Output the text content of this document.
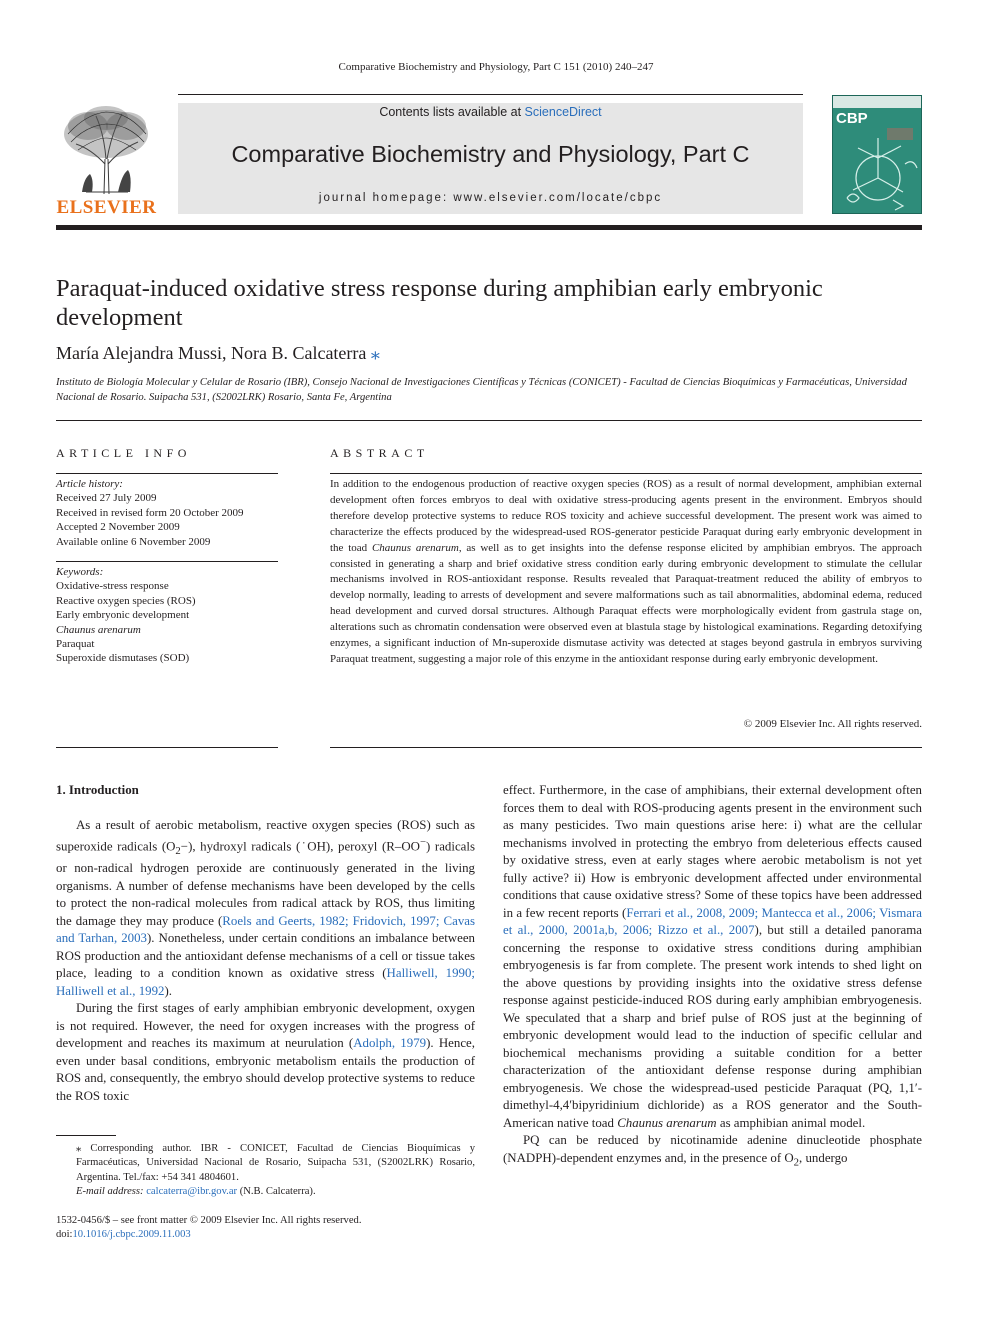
Comparative Biochemistry and Physiology, Part C 151 (2010) 240–247
ELSEVIER
Contents lists available at ScienceDirect
Comparative Biochemistry and Physiology, Part C
journal homepage: www.elsevier.com/locate/cbpc
CBP
Paraquat-induced oxidative stress response during amphibian early embryonic development
María Alejandra Mussi, Nora B. Calcaterra ⁎
Instituto de Biología Molecular y Celular de Rosario (IBR), Consejo Nacional de Investigaciones Científicas y Técnicas (CONICET) - Facultad de Ciencias Bioquímicas y Farmacéuticas, Universidad Nacional de Rosario. Suipacha 531, (S2002LRK) Rosario, Santa Fe, Argentina
ARTICLE INFO	ABSTRACT
Article history:
Received 27 July 2009
Received in revised form 20 October 2009
Accepted 2 November 2009
Available online 6 November 2009
Keywords:
Oxidative-stress response
Reactive oxygen species (ROS)
Early embryonic development
Chaunus arenarum
Paraquat
Superoxide dismutases (SOD)
In addition to the endogenous production of reactive oxygen species (ROS) as a result of normal development, amphibian external development often forces embryos to deal with oxidative stress-producing agents present in the environment. Embryos should therefore develop protective systems to reduce ROS toxicity and achieve successful development. The present work was aimed to characterize the effects produced by the widespread-used ROS-generator pesticide Paraquat during early embryonic development in the toad Chaunus arenarum, as well as to get insights into the defense response elicited by amphibian embryos. The approach consisted in generating a sharp and brief oxidative stress condition early during embryonic development to stimulate the cellular mechanisms involved in ROS-antioxidant response. Results revealed that Paraquat-treatment reduced the ability of embryos to develop normally, leading to arrests of development and severe malformations such as tail abnormalities, abdominal edema, reduced head development and curved dorsal structures. Although Paraquat effects were morphologically evident from gastrula stage on, alterations such as chromatin condensation were observed even at blastula stage by histological examinations. Regarding detoxifying enzymes, a significant induction of Mn-superoxide dismutase activity was detected at stages beyond gastrula in embryos surviving Paraquat treatment, suggesting a major role of this enzyme in the antioxidant response during early embryonic development.
© 2009 Elsevier Inc. All rights reserved.
1. Introduction

As a result of aerobic metabolism, reactive oxygen species (ROS) such as superoxide radicals $(O_2-)$, hydroxyl radicals (˙OH), peroxyl (R–OO−) radicals or non-radical hydrogen peroxide are continuously generated in the living organisms. A number of defense mechanisms have been developed by the cells to protect the non-radical molecules from radical attack by ROS, thus limiting the damage they may produce (Roels and Geerts, 1982; Fridovich, 1997; Cavas and Tarhan, 2003). Nonetheless, under certain conditions an imbalance between ROS production and the antioxidant defense mechanisms of a cell or tissue takes place, leading to a condition known as oxidative stress (Halliwell, 1990; Halliwell et al., 1992).

During the first stages of early amphibian embryonic development, oxygen is not required. However, the need for oxygen increases with the progress of development and reaches its maximum at neurulation (Adolph, 1979). Hence, even under basal conditions, embryonic metabolism entails the production of ROS and, consequently, the embryo should develop protective systems to reduce the ROS toxic

effect. Furthermore, in the case of amphibians, their external development often forces them to deal with ROS-producing agents present in the environment such as many pesticides. Two main questions arise here: i) what are the cellular mechanisms involved in protecting the embryo from deleterious effects caused by oxidative stress, even at early stages where aerobic metabolism is not yet fully active? ii) How is embryonic development affected under environmental conditions that cause oxidative stress? Some of these topics have been addressed in a few recent reports (Ferrari et al., 2008, 2009; Mantecca et al., 2006; Vismara et al., 2000, 2001a,b, 2006; Rizzo et al., 2007), but still a detailed panorama concerning the response to oxidative stress conditions during amphibian embryogenesis is far from complete. The present work intends to shed light on the above questions by providing insights into the oxidative stress defense response against pesticide-induced ROS during early amphibian embryogenesis. We speculated that a sharp and brief pulse of ROS just at the beginning of embryonic development would lead to the induction of specific cellular and biochemical mechanisms providing a suitable condition for a better characterization of the antioxidant defense response during amphibian embryogenesis. We chose the widespread-used pesticide Paraquat (PQ, 1,1′-dimethyl-4,4′bipyridinium dichloride) as a ROS generator and the South-American native toad Chaunus arenarum as amphibian animal model.

PQ can be reduced by nicotinamide adenine dinucleotide phosphate (NADPH)-dependent enzymes and, in the presence of $O_2$, undergo

⁎ Corresponding author. IBR - CONICET, Facultad de Ciencias Bioquímicas y Farmacéuticas, Universidad Nacional de Rosario, Suipacha 531, (S2002LRK) Rosario, Argentina. Tel./fax: +54 341 4804601.
E-mail address: calcaterra@ibr.gov.ar (N.B. Calcaterra).
1532-0456/$ – see front matter © 2009 Elsevier Inc. All rights reserved.
doi:10.1016/j.cbpc.2009.11.003
